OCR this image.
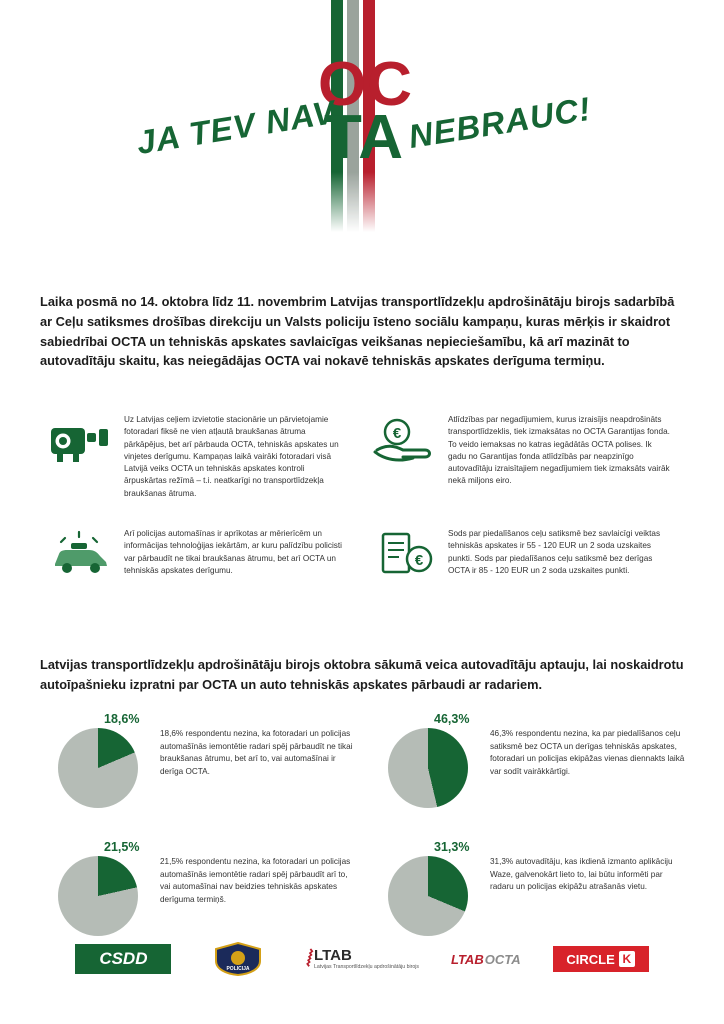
OC
TA
JA TEV NAV NEBRAUC!

Laika posmā no 14. oktobra līdz 11. novembrim Latvijas transportlīdzekļu apdrošinātāju birojs sadarbībā ar Ceļu satiksmes drošības direkciju un Valsts policiju īsteno sociālu kampaņu, kuras mērķis ir skaidrot sabiedrībai OCTA un tehniskās apskates savlaicīgas veikšanas nepieciešamību, kā arī mazināt to autovadītāju skaitu, kas neiegādājas OCTA vai nokavē tehniskās apskates derīguma termiņu.

Uz Latvijas ceļiem izvietotie stacionārie un pārvietojamie fotoradari fiksē ne vien atļautā braukšanas ātruma pārkāpējus, bet arī pārbauda OCTA, tehniskās apskates un vinjetes derīgumu. Kampaņas laikā vairāki fotoradari visā Latvijā veiks OCTA un tehniskās apskates kontroli ārpuskārtas režīmā – t.i. neatkarīgi no transportlīdzekļa braukšanas ātruma.
€
Atlīdzības par negadījumiem, kurus izraisījis neapdrošināts transportlīdzeklis, tiek izmaksātas no OCTA Garantijas fonda. To veido iemaksas no katras iegādātās OCTA polises. Ik gadu no Garantijas fonda atlīdzībās par neapzinīgo autovadītāju izraisītajiem negadījumiem tiek izmaksāts vairāk nekā miljons eiro.
Arī policijas automašīnas ir aprīkotas ar mērierīcēm un informācijas tehnoloģijas iekārtām, ar kuru palīdzību policisti var pārbaudīt ne tikai braukšanas ātrumu, bet arī OCTA un tehniskās apskates derīgumu.
€
Sods par piedalīšanos ceļu satiksmē bez savlaicīgi veiktas tehniskās apskates ir 55 - 120 EUR un 2 soda uzskaites punkti. Sods par piedalīšanos ceļu satiksmē bez derīgas OCTA ir 85 - 120 EUR un 2 soda uzskaites punkti.

Latvijas transportlīdzekļu apdrošinātāju birojs oktobra sākumā veica autovadītāju aptauju, lai noskaidrotu autoīpašnieku izpratni par OCTA un auto tehniskās apskates pārbaudi ar radariem.

18,6%
18,6% respondentu nezina, ka fotoradari un policijas automašīnās iemontētie radari spēj pārbaudīt ne tikai braukšanas ātrumu, bet arī to, vai automašīnai ir derīga OCTA.
46,3%
46,3% respondentu nezina, ka par piedalīšanos ceļu satiksmē bez OCTA un derīgas tehniskās apskates, fotoradari un policijas ekipāžas vienas diennakts laikā var sodīt vairākkārtīgi.
21,5%
21,5% respondentu nezina, ka fotoradari un policijas automašīnās iemontētie radari spēj pārbaudīt arī to, vai automašīnai nav beidzies tehniskās apskates derīguma termiņš.
31,3%
31,3% autovadītāju, kas ikdienā izmanto aplikāciju Waze, galvenokārt lieto to, lai būtu informēti par radaru un policijas ekipāžu atrašanās vietu.
CSDD
POLICIJA	⦚ LTAB
Latvijas Transportlīdzekļu apdrošinātāju birojs
LTAB OCTA	CIRCLE K
